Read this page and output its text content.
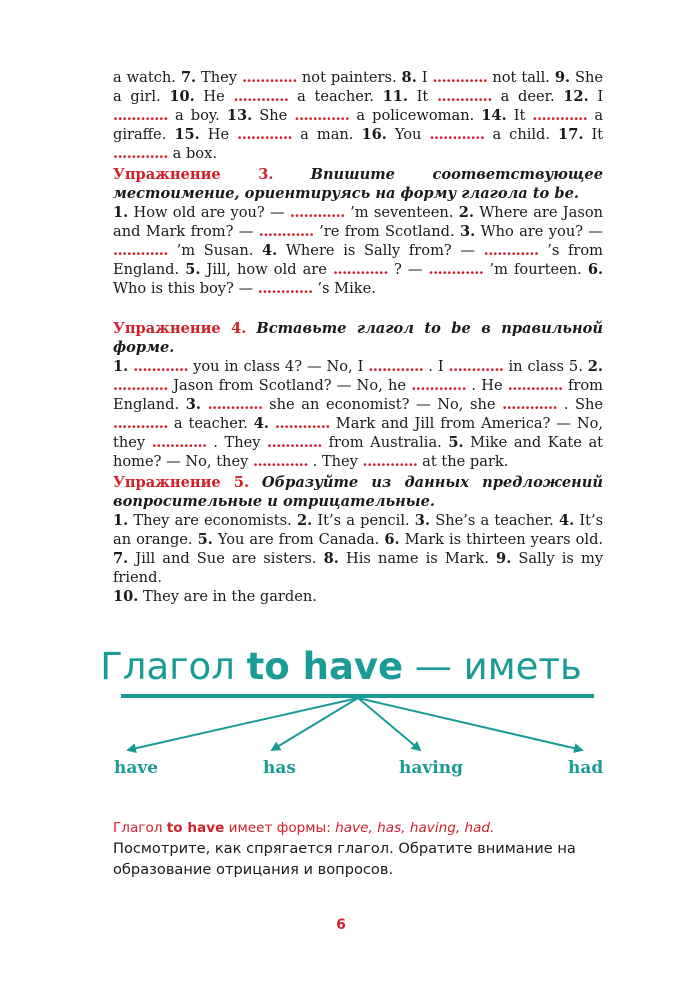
a watch. 7. They ............ not painters. 8. I ............ not tall. 9. She a girl. 10. He ............ a teacher. 11. It ............ a deer. 12. I ............ a boy. 13. She ............ a policewoman. 14. It ............ a giraffe. 15. He ............ a man. 16. You ............ a child. 17. It ............ a box.

Упражнение 3.	Впишите соответствующее местоимение, ориентируясь на форму глагола to be.
1. How old are you? — ............ ’m seventeen. 2. Where are Jason and Mark from? — ............ ’re from Scotland. 3. Who are you? — ............ ’m Susan. 4. Where is Sally from? — ............ ’s from England. 5. Jill, how old are ............ ? — ............ ’m fourteen. 6. Who is this boy? — ............ ’s Mike.

Упражнение 4. Вставьте глагол to be в правильной форме.
1. ............ you in class 4? — No, I ............ . I ............ in class 5. 2. ............ Jason from Scotland? — No, he ............ . He ............ from England. 3. ............ she an economist? — No, she ............ . She ............ a teacher. 4. ............ Mark and Jill from America? — No, they ............ . They ............ from Australia. 5. Mike and Kate at home? — No, they ............ . They ............ at the park.

Упражнение 5. Образуйте из данных предложений вопросительные и отрицательные.
1. They are economists. 2. It’s a pencil. 3. She’s a teacher. 4. It’s an orange. 5. You are from Canada. 6. Mark is thirteen years old. 7. Jill and Sue are sisters. 8. His name is Mark. 9. Sally is my friend.
10. They are in the garden.

Глагол to have — иметь
have	has	having	had

Глагол to have имеет формы: have, has, having, had.

Посмотрите, как спрягается глагол. Обратите внимание на образование отрицания и вопросов.

6
